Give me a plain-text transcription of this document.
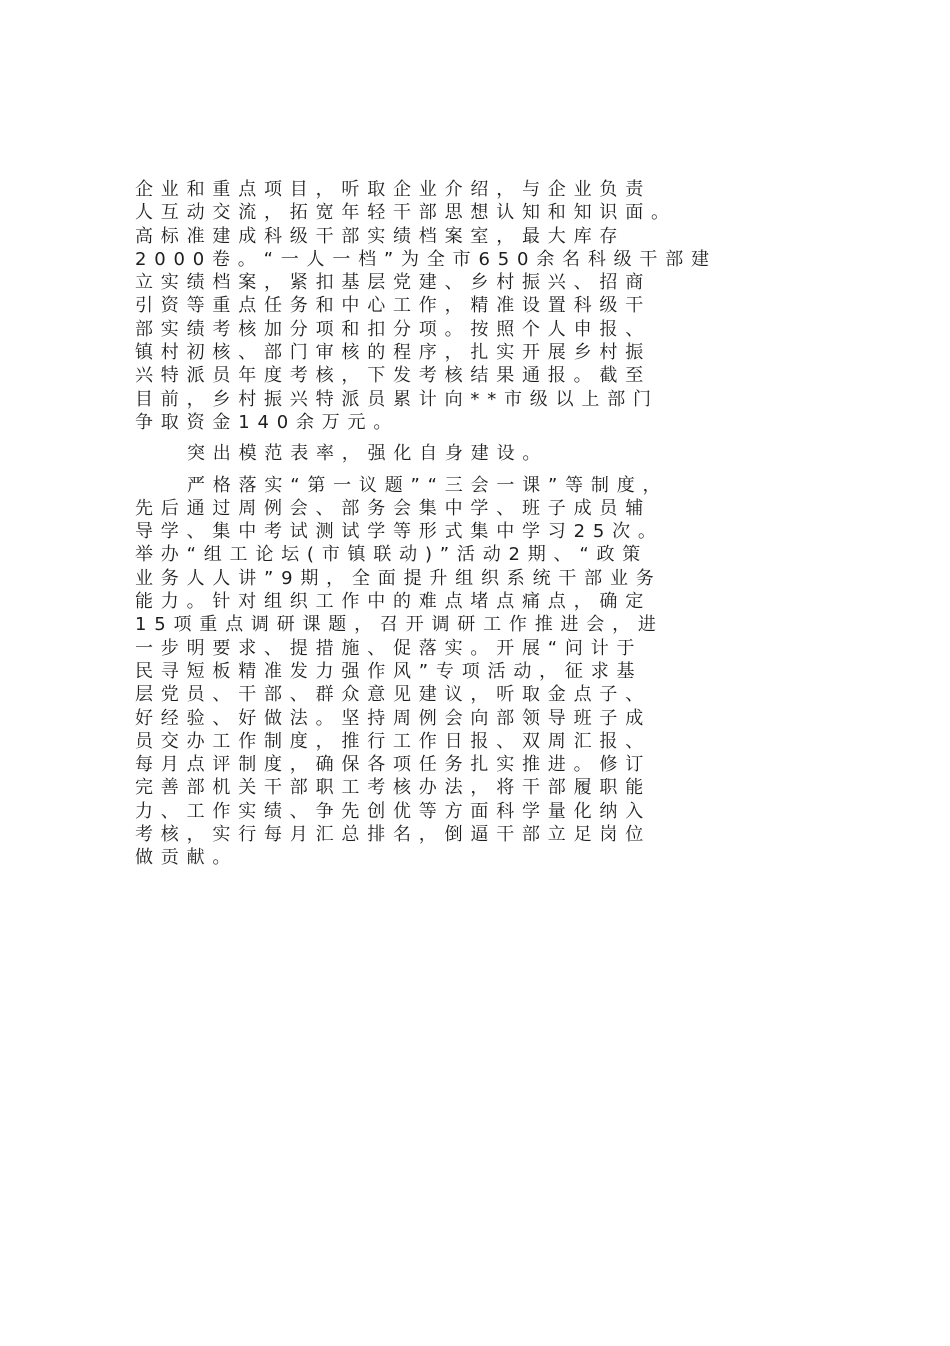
企业和重点项目，听取企业介绍，与企业负责
人互动交流，拓宽年轻干部思想认知和知识面。
高标准建成科级干部实绩档案室，最大库存
2000卷。“一人一档”为全市650余名科级干部建
立实绩档案，紧扣基层党建、乡村振兴、招商
引资等重点任务和中心工作，精准设置科级干
部实绩考核加分项和扣分项。按照个人申报、
镇村初核、部门审核的程序，扎实开展乡村振
兴特派员年度考核，下发考核结果通报。截至
目前，乡村振兴特派员累计向**市级以上部门
争取资金140余万元。
突出模范表率，强化自身建设。
严格落实“第一议题”“三会一课”等制度，
先后通过周例会、部务会集中学、班子成员辅
导学、集中考试测试学等形式集中学习25次。
举办“组工论坛(市镇联动)”活动2期、“政策
业务人人讲”9期，全面提升组织系统干部业务
能力。针对组织工作中的难点堵点痛点，确定
15项重点调研课题，召开调研工作推进会，进
一步明要求、提措施、促落实。开展“问计于
民寻短板精准发力强作风”专项活动，征求基
层党员、干部、群众意见建议，听取金点子、
好经验、好做法。坚持周例会向部领导班子成
员交办工作制度，推行工作日报、双周汇报、
每月点评制度，确保各项任务扎实推进。修订
完善部机关干部职工考核办法，将干部履职能
力、工作实绩、争先创优等方面科学量化纳入
考核，实行每月汇总排名，倒逼干部立足岗位
做贡献。
